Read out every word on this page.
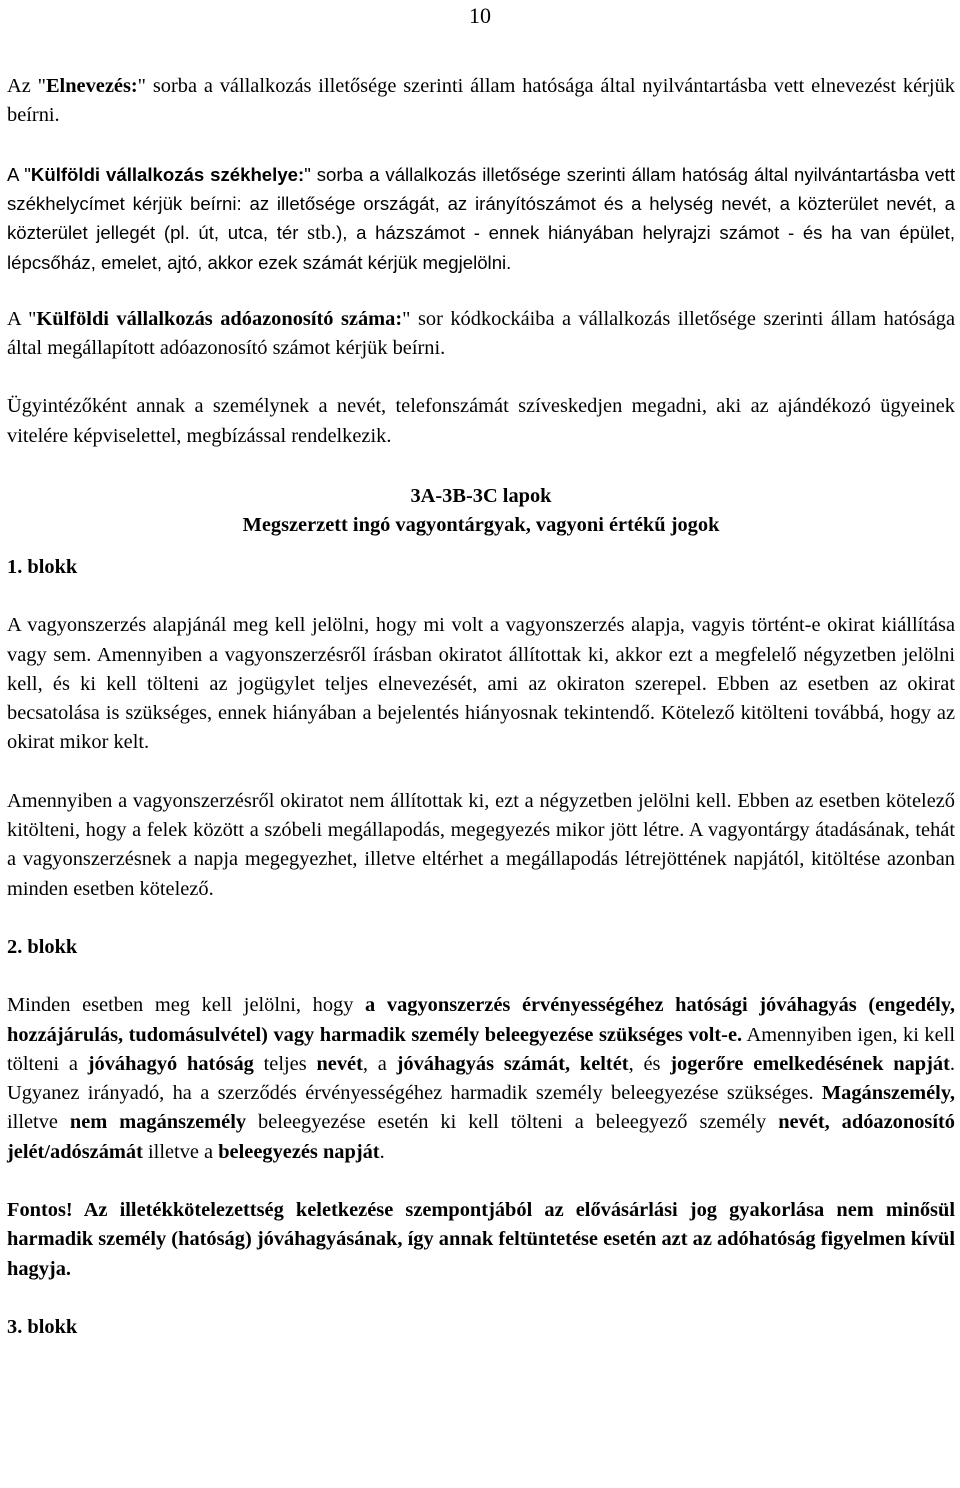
10

Az "Elnevezés:" sorba a vállalkozás illetősége szerinti állam hatósága által nyilvántartásba vett elnevezést kérjük beírni.

A "Külföldi vállalkozás székhelye:" sorba a vállalkozás illetősége szerinti állam hatóság által nyilvántartásba vett székhelycímet kérjük beírni: az illetősége országát, az irányítószámot és a helység nevét, a közterület nevét, a közterület jellegét (pl. út, utca, tér stb.), a házszámot - ennek hiányában helyrajzi számot - és ha van épület, lépcsőház, emelet, ajtó, akkor ezek számát kérjük megjelölni.

A "Külföldi vállalkozás adóazonosító száma:" sor kódkockáiba a vállalkozás illetősége szerinti állam hatósága által megállapított adóazonosító számot kérjük beírni.

Ügyintézőként annak a személynek a nevét, telefonszámát szíveskedjen megadni, aki az ajándékozó ügyeinek vitelére képviselettel, megbízással rendelkezik.

3A-3B-3C lapok

Megszerzett ingó vagyontárgyak, vagyoni értékű jogok

1. blokk

A vagyonszerzés alapjánál meg kell jelölni, hogy mi volt a vagyonszerzés alapja, vagyis történt-e okirat kiállítása vagy sem. Amennyiben a vagyonszerzésről írásban okiratot állítottak ki, akkor ezt a megfelelő négyzetben jelölni kell, és ki kell tölteni az jogügylet teljes elnevezését, ami az okiraton szerepel. Ebben az esetben az okirat becsatolása is szükséges, ennek hiányában a bejelentés hiányosnak tekintendő. Kötelező kitölteni továbbá, hogy az okirat mikor kelt.

Amennyiben a vagyonszerzésről okiratot nem állítottak ki, ezt a négyzetben jelölni kell. Ebben az esetben kötelező kitölteni, hogy a felek között a szóbeli megállapodás, megegyezés mikor jött létre. A vagyontárgy átadásának, tehát a vagyonszerzésnek a napja megegyezhet, illetve eltérhet a megállapodás létrejöttének napjától, kitöltése azonban minden esetben kötelező.

2. blokk

Minden esetben meg kell jelölni, hogy a vagyonszerzés érvényességéhez hatósági jóváhagyás (engedély, hozzájárulás, tudomásulvétel) vagy harmadik személy beleegyezése szükséges volt-e. Amennyiben igen, ki kell tölteni a jóváhagyó hatóság teljes nevét, a jóváhagyás számát, keltét, és jogerőre emelkedésének napját. Ugyanez irányadó, ha a szerződés érvényességéhez harmadik személy beleegyezése szükséges. Magánszemély, illetve nem magánszemély beleegyezése esetén ki kell tölteni a beleegyező személy nevét, adóazonosító jelét/adószámát illetve a beleegyezés napját.

Fontos! Az illetékkötelezettség keletkezése szempontjából az elővásárlási jog gyakorlása nem minősül harmadik személy (hatóság) jóváhagyásának, így annak feltüntetése esetén azt az adóhatóság figyelmen kívül hagyja.

3. blokk
